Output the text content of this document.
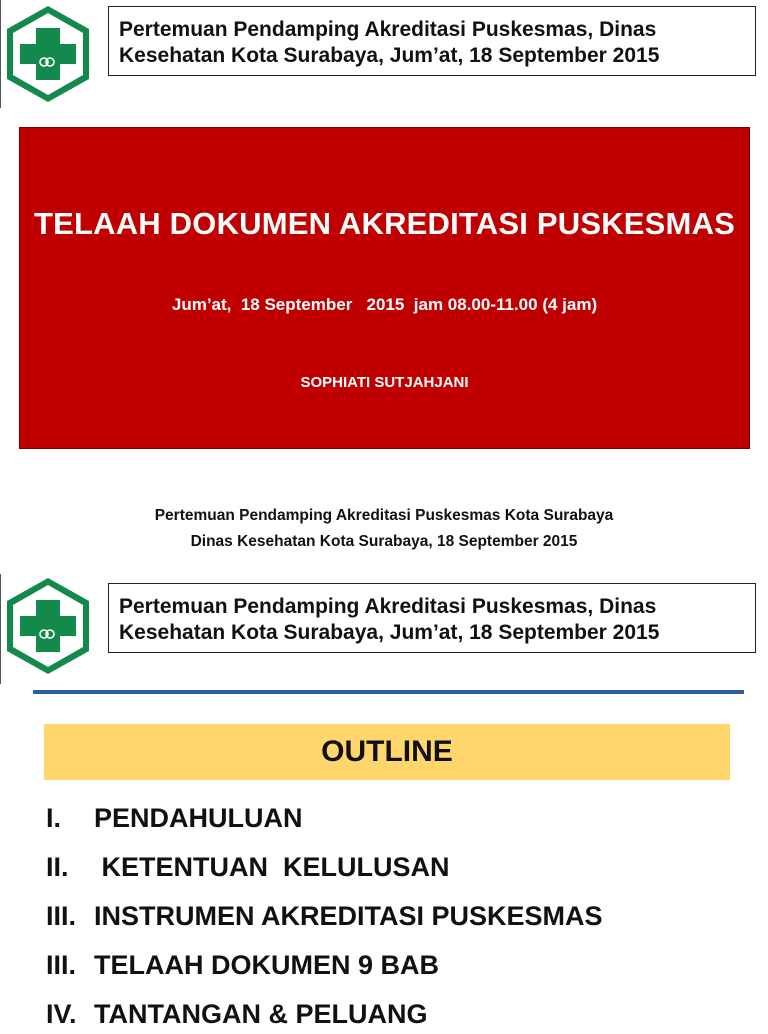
Pertemuan Pendamping Akreditasi Puskesmas, Dinas
Kesehatan Kota Surabaya, Jum’at, 18 September 2015
TELAAH DOKUMEN AKREDITASI PUSKESMAS
Jum’at,  18 September   2015  jam 08.00-11.00 (4 jam)
SOPHIATI SUTJAHJANI
Pertemuan Pendamping Akreditasi Puskesmas Kota Surabaya
Dinas Kesehatan Kota Surabaya, 18 September 2015
Pertemuan Pendamping Akreditasi Puskesmas, Dinas
Kesehatan Kota Surabaya, Jum’at, 18 September 2015
OUTLINE
I. PENDAHULUAN
II. KETENTUAN  KELULUSAN
III. INSTRUMEN AKREDITASI PUSKESMAS
III. TELAAH DOKUMEN 9 BAB
IV. TANTANGAN & PELUANG
